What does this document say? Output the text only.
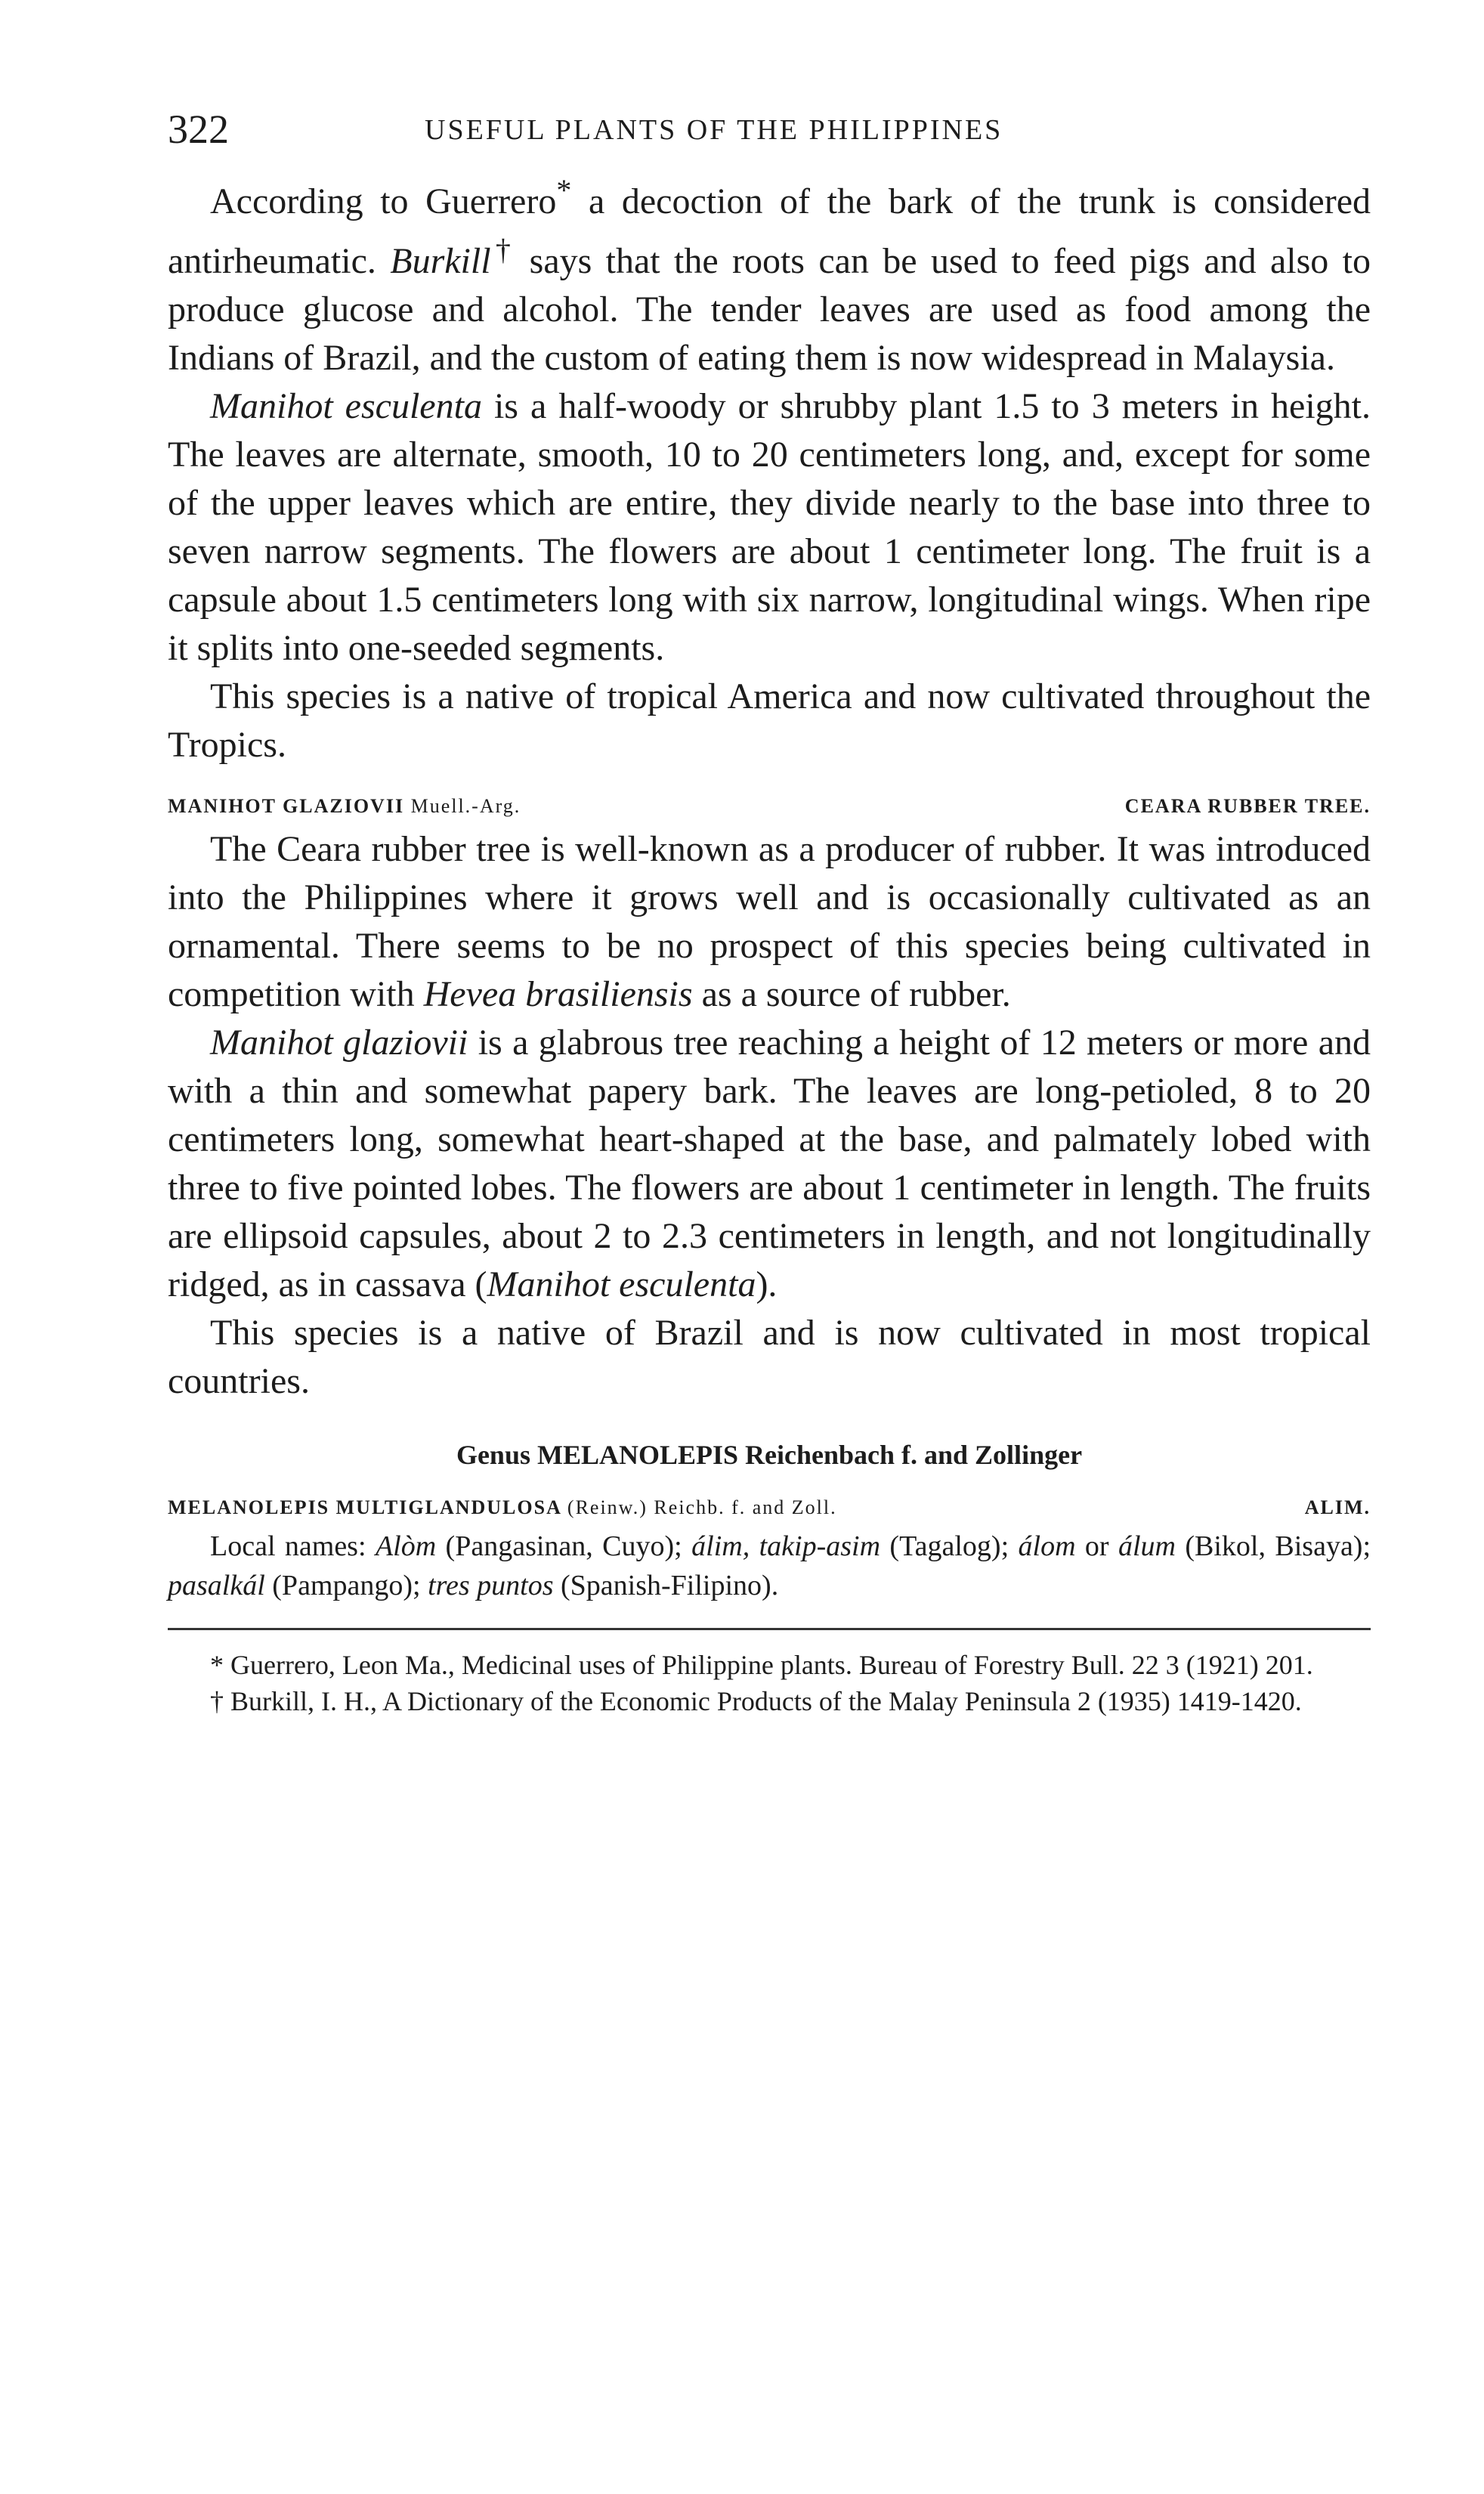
322	USEFUL PLANTS OF THE PHILIPPINES

According to Guerrero* a decoction of the bark of the trunk is considered antirheumatic. Burkill† says that the roots can be used to feed pigs and also to produce glucose and alcohol. The tender leaves are used as food among the Indians of Brazil, and the custom of eating them is now widespread in Malaysia.

Manihot esculenta is a half-woody or shrubby plant 1.5 to 3 meters in height. The leaves are alternate, smooth, 10 to 20 centimeters long, and, except for some of the upper leaves which are entire, they divide nearly to the base into three to seven narrow segments. The flowers are about 1 centimeter long. The fruit is a capsule about 1.5 centimeters long with six narrow, longitudinal wings. When ripe it splits into one-seeded segments.

This species is a native of tropical America and now cultivated throughout the Tropics.

MANIHOT GLAZIOVII Muell.-Arg.	CEARA RUBBER TREE.

The Ceara rubber tree is well-known as a producer of rubber. It was introduced into the Philippines where it grows well and is occasionally cultivated as an ornamental. There seems to be no prospect of this species being cultivated in competition with Hevea brasiliensis as a source of rubber.

Manihot glaziovii is a glabrous tree reaching a height of 12 meters or more and with a thin and somewhat papery bark. The leaves are long-petioled, 8 to 20 centimeters long, somewhat heart-shaped at the base, and palmately lobed with three to five pointed lobes. The flowers are about 1 centimeter in length. The fruits are ellipsoid capsules, about 2 to 2.3 centimeters in length, and not longitudinally ridged, as in cassava (Manihot esculenta).

This species is a native of Brazil and is now cultivated in most tropical countries.

Genus MELANOLEPIS Reichenbach f. and Zollinger
MELANOLEPIS MULTIGLANDULOSA (Reinw.) Reichb. f. and Zoll.	ALIM.

Local names: Alòm (Pangasinan, Cuyo); álim, takip-asim (Tagalog); álom or álum (Bikol, Bisaya); pasalkál (Pampango); tres puntos (Spanish-Filipino).

* Guerrero, Leon Ma., Medicinal uses of Philippine plants. Bureau of Forestry Bull. 22 3 (1921) 201.

† Burkill, I. H., A Dictionary of the Economic Products of the Malay Peninsula 2 (1935) 1419-1420.
